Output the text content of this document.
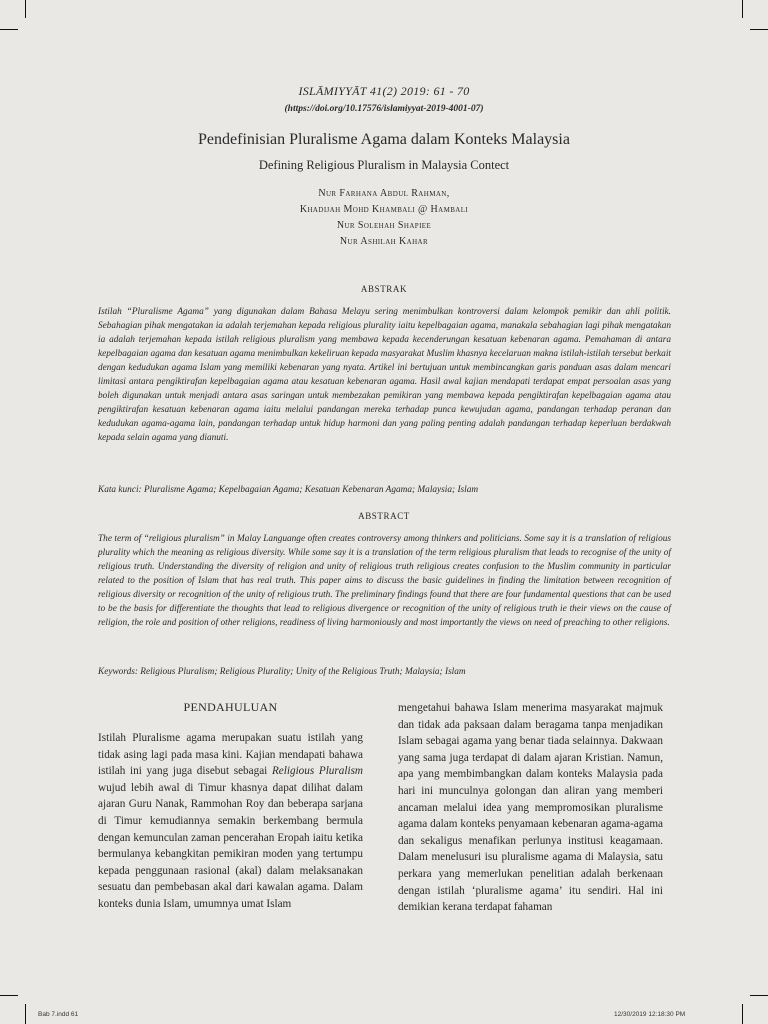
ISLĀMIYYĀT 41(2) 2019: 61 - 70
(https://doi.org/10.17576/islamiyyat-2019-4001-07)
Pendefinisian Pluralisme Agama dalam Konteks Malaysia
Defining Religious Pluralism in Malaysia Contect
Nur Farhana Abdul Rahman,
Khadijah Mohd Khambali @ Hambali
Nur Solehah Shapiee
Nur Ashilah Kahar
ABSTRAK
Istilah “Pluralisme Agama” yang digunakan dalam Bahasa Melayu sering menimbulkan kontroversi dalam kelompok pemikir dan ahli politik. Sebahagian pihak mengatakan ia adalah terjemahan kepada religious plurality iaitu kepelbagaian agama, manakala sebahagian lagi pihak mengatakan ia adalah terjemahan kepada istilah religious pluralism yang membawa kepada kecenderungan kesatuan kebenaran agama. Pemahaman di antara kepelbagaian agama dan kesatuan agama menimbulkan kekeliruan kepada masyarakat Muslim khasnya kecelaruan makna istilah-istilah tersebut berkait dengan kedudukan agama Islam yang memiliki kebenaran yang nyata. Artikel ini bertujuan untuk membincangkan garis panduan asas dalam mencari limitasi antara pengiktirafan kepelbagaian agama atau kesatuan kebenaran agama. Hasil awal kajian mendapati terdapat empat persoalan asas yang boleh digunakan untuk menjadi antara asas saringan untuk membezakan pemikiran yang membawa kepada pengiktirafan kepelbagaian agama atau pengiktirafan kesatuan kebenaran agama iaitu melalui pandangan mereka terhadap punca kewujudan agama, pandangan terhadap peranan dan kedudukan agama-agama lain, pandangan terhadap untuk hidup harmoni dan yang paling penting adalah pandangan terhadap keperluan berdakwah kepada selain agama yang dianuti.
Kata kunci: Pluralisme Agama; Kepelbagaian Agama; Kesatuan Kebenaran Agama; Malaysia; Islam
ABSTRACT
The term of “religious pluralism” in Malay Languange often creates controversy among thinkers and politicians. Some say it is a translation of religious plurality which the meaning as religious diversity. While some say it is a translation of the term religious pluralism that leads to recognise of the unity of religious truth. Understanding the diversity of religion and unity of religious truth religious creates confusion to the Muslim community in particular related to the position of Islam that has real truth. This paper aims to discuss the basic guidelines in finding the limitation between recognition of religious diversity or recognition of the unity of religious truth. The preliminary findings found that there are four fundamental questions that can be used to be the basis for differentiate the thoughts that lead to religious divergence or recognition of the unity of religious truth ie their views on the cause of religion, the role and position of other religions, readiness of living harmoniously and most importantly the views on need of preaching to other religions.
Keywords: Religious Pluralism; Religious Plurality; Unity of the Religious Truth; Malaysia; Islam
PENDAHULUAN

Istilah Pluralisme agama merupakan suatu istilah yang tidak asing lagi pada masa kini. Kajian mendapati bahawa istilah ini yang juga disebut sebagai Religious Pluralism wujud lebih awal di Timur khasnya dapat dilihat dalam ajaran Guru Nanak, Rammohan Roy dan beberapa sarjana di Timur kemudiannya semakin berkembang bermula dengan kemunculan zaman pencerahan Eropah iaitu ketika bermulanya kebangkitan pemikiran moden yang tertumpu kepada penggunaan rasional (akal) dalam melaksanakan sesuatu dan pembebasan akal dari kawalan agama. Dalam konteks dunia Islam, umumnya umat Islam

mengetahui bahawa Islam menerima masyarakat majmuk dan tidak ada paksaan dalam beragama tanpa menjadikan Islam sebagai agama yang benar tiada selainnya. Dakwaan yang sama juga terdapat di dalam ajaran Kristian. Namun, apa yang membimbangkan dalam konteks Malaysia pada hari ini munculnya golongan dan aliran yang memberi ancaman melalui idea yang mempromosikan pluralisme agama dalam konteks penyamaan kebenaran agama-agama dan sekaligus menafikan perlunya institusi keagamaan. Dalam menelusuri isu pluralisme agama di Malaysia, satu perkara yang memerlukan penelitian adalah berkenaan dengan istilah ‘pluralisme agama’ itu sendiri. Hal ini demikian kerana terdapat fahaman

Bab 7.indd 61	12/30/2019 12:18:30 PM
